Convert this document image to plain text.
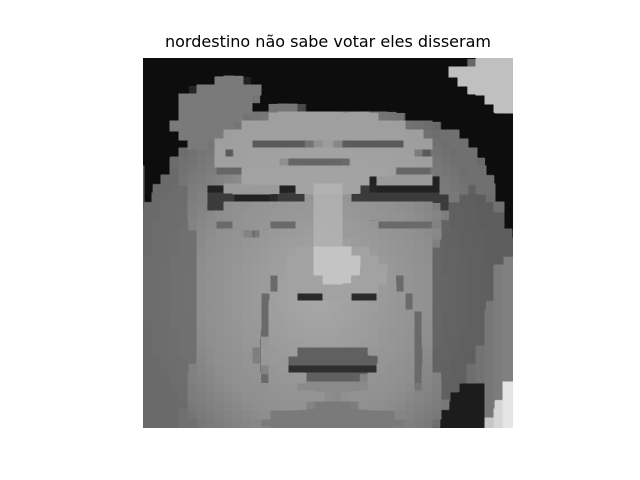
nordestino não sabe votar eles disseram
